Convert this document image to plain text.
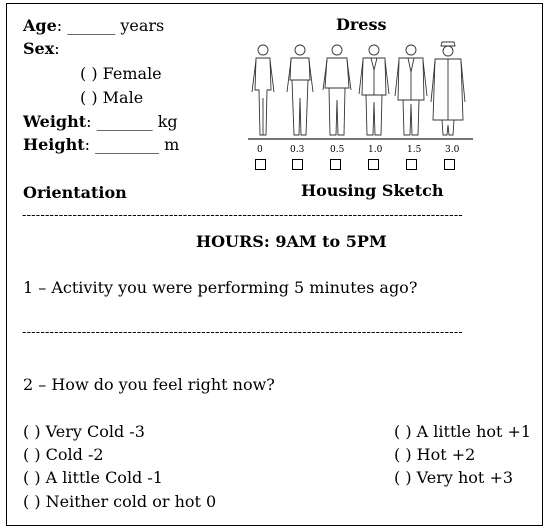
Age: ______ years
Sex:
( ) Female
( ) Male
Weight: _______ kg
Height: ________ m
Dress
0	0.3	0.5	1.0	1.5	3.0
Orientation	Housing Sketch
------------------------------------------------------------------------------------------------
HOURS: 9AM to 5PM
1 – Activity you were performing 5 minutes ago?
------------------------------------------------------------------------------------------------
2 – How do you feel right now?
( ) Very Cold -3
( ) Cold -2
( ) A little Cold -1
( ) Neither cold or hot 0
( ) A little hot +1
( ) Hot +2
( ) Very hot +3
